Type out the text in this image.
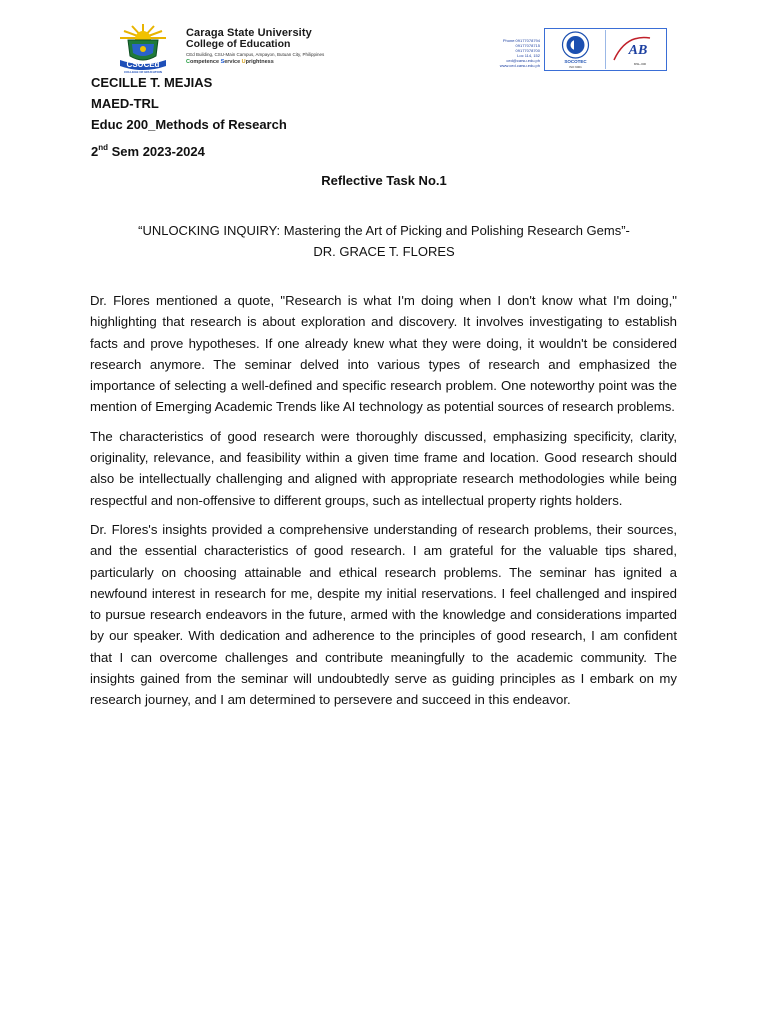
CSUCEd
COLLEGE OF EDUCATION
Caraga State University
College of Education
CEd Building, CSU-Main Campus, Ampayon, Butuan City, Philippines
Competence Service Uprightness
Phone:09177078794
09177078715
09177078700
Loc 114, 152
ced@carsu.edu.ph
www.ced.carsu.edu.ph
SOCOTEC
ISO 9001
AB
MSL-000
CECILLE T. MEJIAS
MAED-TRL
Educ 200_Methods of Research
2nd Sem 2023-2024
Reflective Task No.1
“UNLOCKING INQUIRY: Mastering the Art of Picking and Polishing Research Gems”-
DR. GRACE T. FLORES

Dr. Flores mentioned a quote, "Research is what I'm doing when I don't know what I'm doing," highlighting that research is about exploration and discovery. It involves investigating to establish facts and prove hypotheses. If one already knew what they were doing, it wouldn't be considered research anymore. The seminar delved into various types of research and emphasized the importance of selecting a well-defined and specific research problem. One noteworthy point was the mention of Emerging Academic Trends like AI technology as potential sources of research problems.

The characteristics of good research were thoroughly discussed, emphasizing specificity, clarity, originality, relevance, and feasibility within a given time frame and location. Good research should also be intellectually challenging and aligned with appropriate research methodologies while being respectful and non-offensive to different groups, such as intellectual property rights holders.

Dr. Flores's insights provided a comprehensive understanding of research problems, their sources, and the essential characteristics of good research. I am grateful for the valuable tips shared, particularly on choosing attainable and ethical research problems. The seminar has ignited a newfound interest in research for me, despite my initial reservations. I feel challenged and inspired to pursue research endeavors in the future, armed with the knowledge and considerations imparted by our speaker. With dedication and adherence to the principles of good research, I am confident that I can overcome challenges and contribute meaningfully to the academic community. The insights gained from the seminar will undoubtedly serve as guiding principles as I embark on my research journey, and I am determined to persevere and succeed in this endeavor.
